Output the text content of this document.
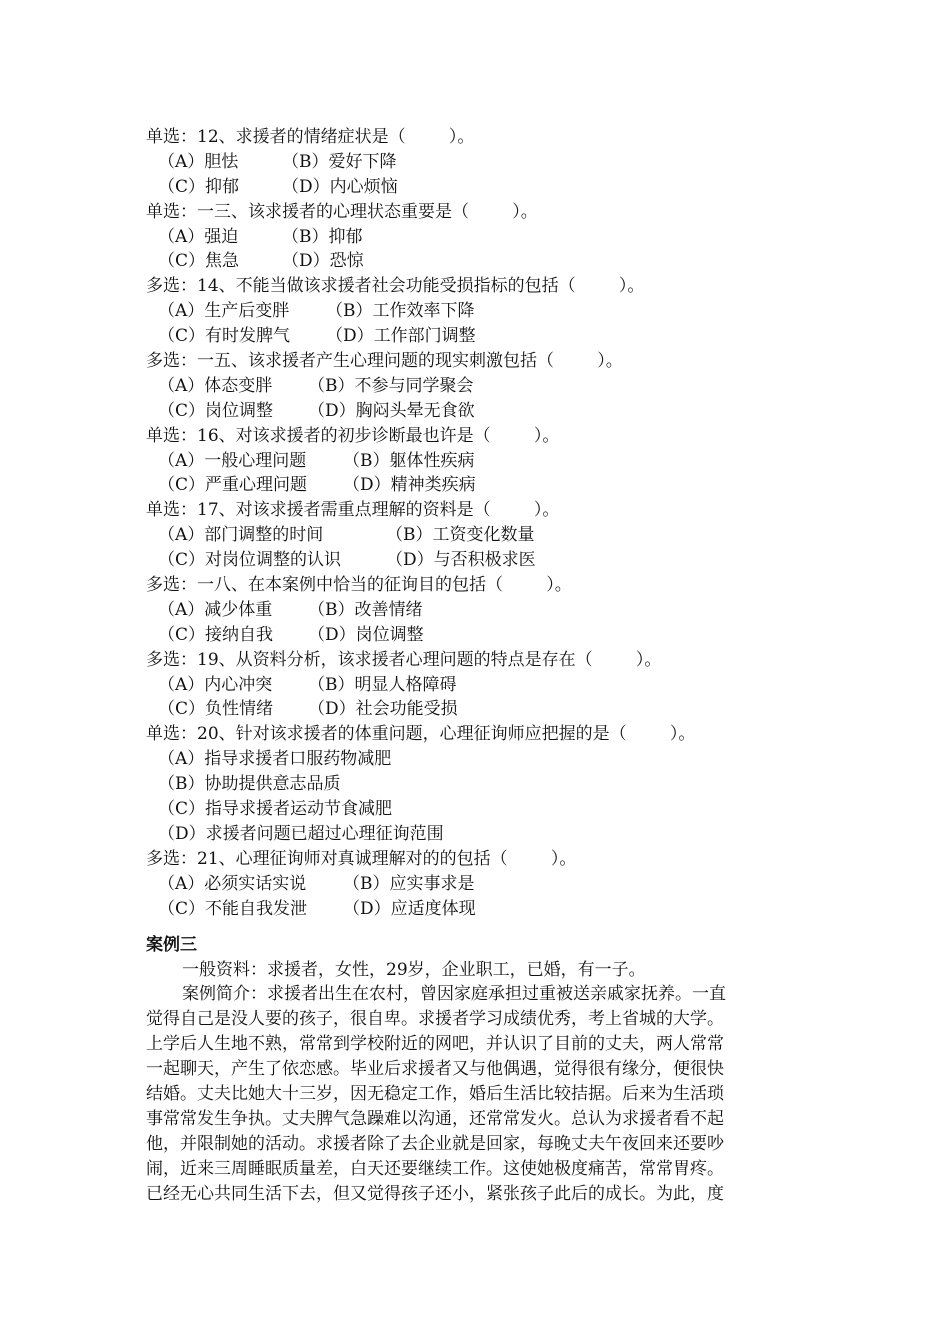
单选：12、求援者的情绪症状是（        ）。
（A）胆怯	（B）爱好下降
（C）抑郁	（D）内心烦恼
单选：一三、该求援者的心理状态重要是（        ）。
（A）强迫	（B）抑郁
（C）焦急	（D）恐惊
多选：14、不能当做该求援者社会功能受损指标的包括（        ）。
（A）生产后变胖 （B）工作效率下降
（C）有时发脾气 （D）工作部门调整
多选：一五、该求援者产生心理问题的现实刺激包括（        ）。
（A）体态变胖 （B）不参与同学聚会
（C）岗位调整 （D）胸闷头晕无食欲
单选：16、对该求援者的初步诊断最也许是（        ）。
（A）一般心理问题 （B）躯体性疾病
（C）严重心理问题 （D）精神类疾病
单选：17、对该求援者需重点理解的资料是（        ）。
（A）部门调整的时间	（B）工资变化数量
（C）对岗位调整的认识	（D）与否积极求医
多选：一八、在本案例中恰当的征询目的包括（        ）。
（A）减少体重 （B）改善情绪
（C）接纳自我 （D）岗位调整
多选：19、从资料分析，该求援者心理问题的特点是存在（        ）。
（A）内心冲突 （B）明显人格障碍
（C）负性情绪 （D）社会功能受损
单选：20、针对该求援者的体重问题，心理征询师应把握的是（        ）。
（A）指导求援者口服药物减肥
（B）协助提供意志品质
（C）指导求援者运动节食减肥
（D）求援者问题已超过心理征询范围
多选：21、心理征询师对真诚理解对的的包括（        ）。
（A）必须实话实说 （B）应实事求是
（C）不能自我发泄 （D）应适度体现
案例三
一般资料：求援者，女性，29岁，企业职工，已婚，有一子。
案例简介：求援者出生在农村，曾因家庭承担过重被送亲戚家抚养。一直
觉得自己是没人要的孩子，很自卑。求援者学习成绩优秀，考上省城的大学。
上学后人生地不熟，常常到学校附近的网吧，并认识了目前的丈夫，两人常常
一起聊天，产生了依恋感。毕业后求援者又与他偶遇，觉得很有缘分，便很快
结婚。丈夫比她大十三岁，因无稳定工作，婚后生活比较拮据。后来为生活琐
事常常发生争执。丈夫脾气急躁难以沟通，还常常发火。总认为求援者看不起
他，并限制她的活动。求援者除了去企业就是回家，每晚丈夫午夜回来还要吵
闹，近来三周睡眠质量差，白天还要继续工作。这使她极度痛苦，常常胃疼。
已经无心共同生活下去，但又觉得孩子还小，紧张孩子此后的成长。为此，度
